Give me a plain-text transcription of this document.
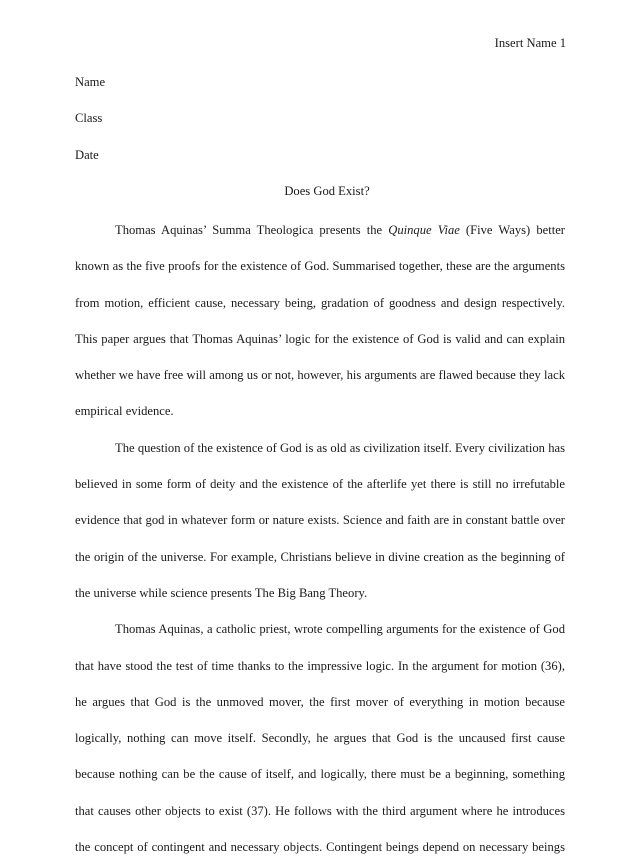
Insert Name 1
Name
Class
Date
Does God Exist?

Thomas Aquinas’ Summa Theologica presents the Quinque Viae (Five Ways) better
known as the five proofs for the existence of God. Summarised together, these are the arguments
from motion, efficient cause, necessary being, gradation of goodness and design respectively.
This paper argues that Thomas Aquinas’ logic for the existence of God is valid and can explain
whether we have free will among us or not, however, his arguments are flawed because they lack
empirical evidence.

The question of the existence of God is as old as civilization itself. Every civilization has
believed in some form of deity and the existence of the afterlife yet there is still no irrefutable
evidence that god in whatever form or nature exists. Science and faith are in constant battle over
the origin of the universe. For example, Christians believe in divine creation as the beginning of
the universe while science presents The Big Bang Theory.

Thomas Aquinas, a catholic priest, wrote compelling arguments for the existence of God
that have stood the test of time thanks to the impressive logic. In the argument for motion (36),
he argues that God is the unmoved mover, the first mover of everything in motion because
logically, nothing can move itself. Secondly, he argues that God is the uncaused first cause
because nothing can be the cause of itself, and logically, there must be a beginning, something
that causes other objects to exist (37). He follows with the third argument where he introduces
the concept of contingent and necessary objects. Contingent beings depend on necessary beings
